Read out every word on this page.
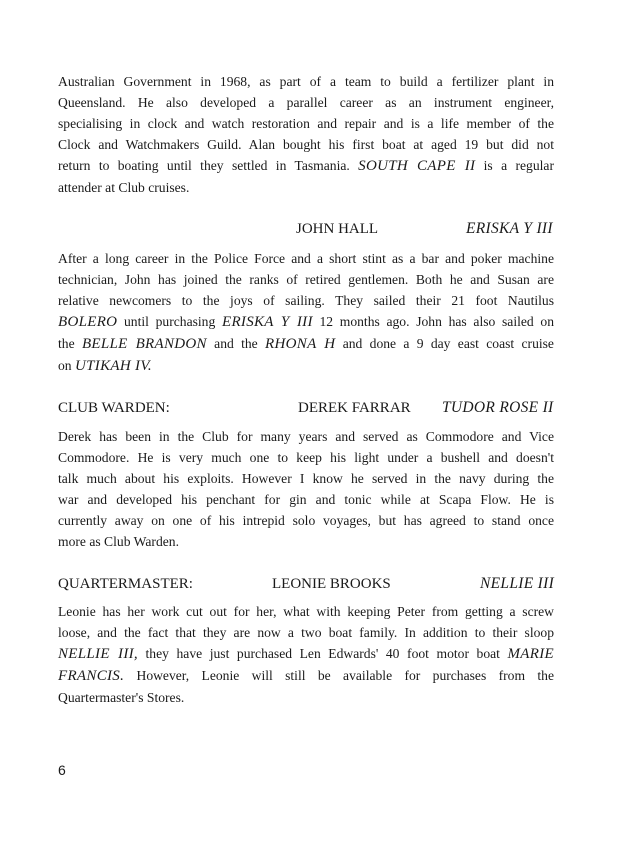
Australian Government in 1968, as part of a team to build a fertilizer plant in
Queensland. He also developed a parallel career as an instrument engineer,
specialising in clock and watch restoration and repair and is a life member of the
Clock and Watchmakers Guild. Alan bought his first boat at aged 19 but did not
return to boating until they settled in Tasmania. SOUTH CAPE II is a regular
attender at Club cruises.
JOHN HALL	ERISKA Y III
After a long career in the Police Force and a short stint as a bar and poker machine
technician, John has joined the ranks of retired gentlemen. Both he and Susan are
relative newcomers to the joys of sailing. They sailed their 21 foot Nautilus
BOLERO until purchasing ERISKA Y III 12 months ago. John has also sailed on
the BELLE BRANDON and the RHONA H and done a 9 day east coast cruise
on UTIKAH IV.
CLUB WARDEN:	DEREK FARRAR TUDOR ROSE II
Derek has been in the Club for many years and served as Commodore and Vice
Commodore. He is very much one to keep his light under a bushell and doesn't
talk much about his exploits. However I know he served in the navy during the
war and developed his penchant for gin and tonic while at Scapa Flow. He is
currently away on one of his intrepid solo voyages, but has agreed to stand once
more as Club Warden.
QUARTERMASTER:	LEONIE BROOKS	NELLIE III
Leonie has her work cut out for her, what with keeping Peter from getting a screw
loose, and the fact that they are now a two boat family. In addition to their sloop
NELLIE III, they have just purchased Len Edwards' 40 foot motor boat MARIE
FRANCIS. However, Leonie will still be available for purchases from the
Quartermaster's Stores.
6
